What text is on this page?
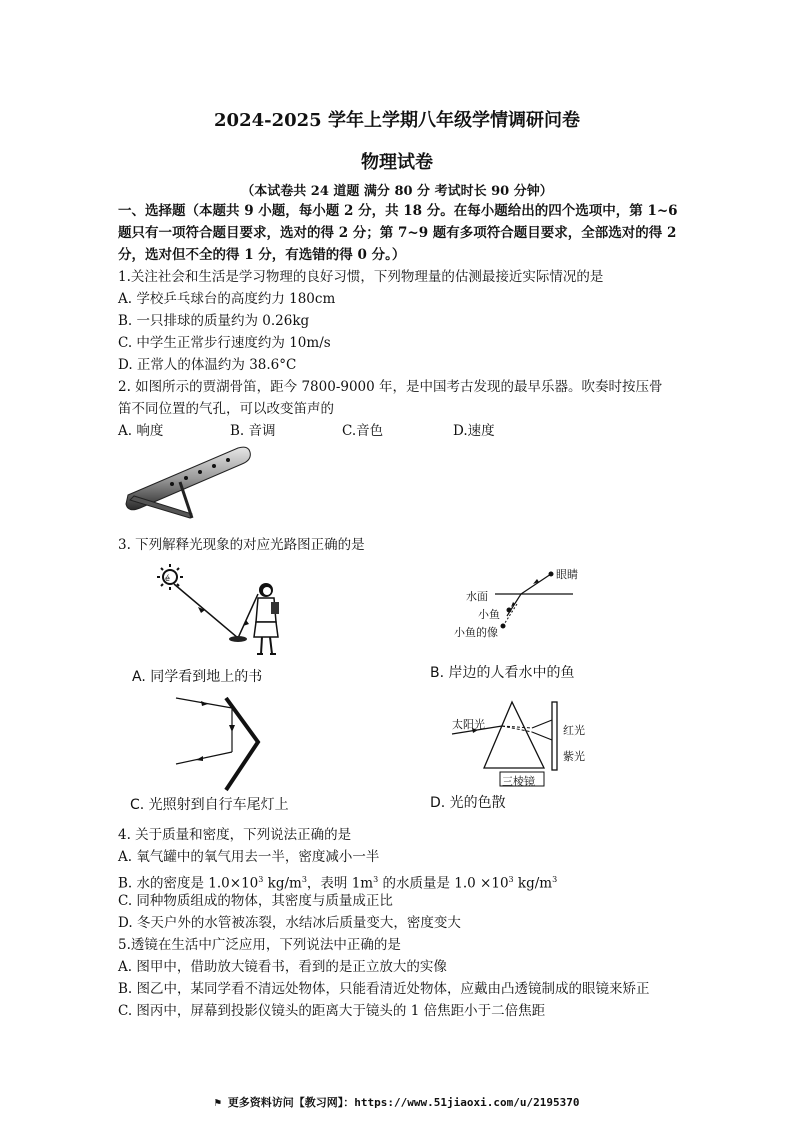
2024-2025 学年上学期八年级学情调研问卷
物理试卷
（本试卷共 24 道题 满分 80 分 考试时长 90 分钟）
一、选择题（本题共 9 小题，每小题 2 分，共 18 分。在每小题给出的四个选项中，第 1~6
题只有一项符合题目要求，选对的得 2 分；第 7~9 题有多项符合题目要求，全部选对的得 2
分，选对但不全的得 1 分，有选错的得 0 分。）
1.关注社会和生活是学习物理的良好习惯，下列物理量的估测最接近实际情况的是
A. 学校乒乓球台的高度约力 180cm
B. 一只排球的质量约为 0.26kg
C. 中学生正常步行速度约为 10m/s
D. 正常人的体温约为 38.6°C
2. 如图所示的贾湖骨笛，距今 7800-9000 年，是中国考古发现的最早乐器。吹奏时按压骨
笛不同位置的气孔，可以改变笛声的
A. 响度	B. 音调	C.音色	D.速度
3. 下列解释光现象的对应光路图正确的是
é
A. 同学看到地上的书
眼睛
水面
小鱼
小鱼的像
B. 岸边的人看水中的鱼
C. 光照射到自行车尾灯上
太阳光	红光
紫光
三棱镜
D. 光的色散
4. 关于质量和密度，下列说法正确的是
A. 氧气罐中的氧气用去一半，密度减小一半
B. 水的密度是 $1.0\times 10^3$ $kg/m^3$，表明 $1m^3$ 的水质量是 $1.0 \times 10^3$ $kg/m^3$
C. 同种物质组成的物体，其密度与质量成正比
D. 冬天户外的水管被冻裂，水结冰后质量变大，密度变大
5.透镜在生活中广泛应用，下列说法中正确的是
A. 图甲中，借助放大镜看书，看到的是正立放大的实像
B. 图乙中，某同学看不清远处物体，只能看清近处物体，应戴由凸透镜制成的眼镜来矫正
C. 图丙中，屏幕到投影仪镜头的距离大于镜头的 1 倍焦距小于二倍焦距
⚑ 更多资料访问【教习网】：https://www.51jiaoxi.com/u/2195370
